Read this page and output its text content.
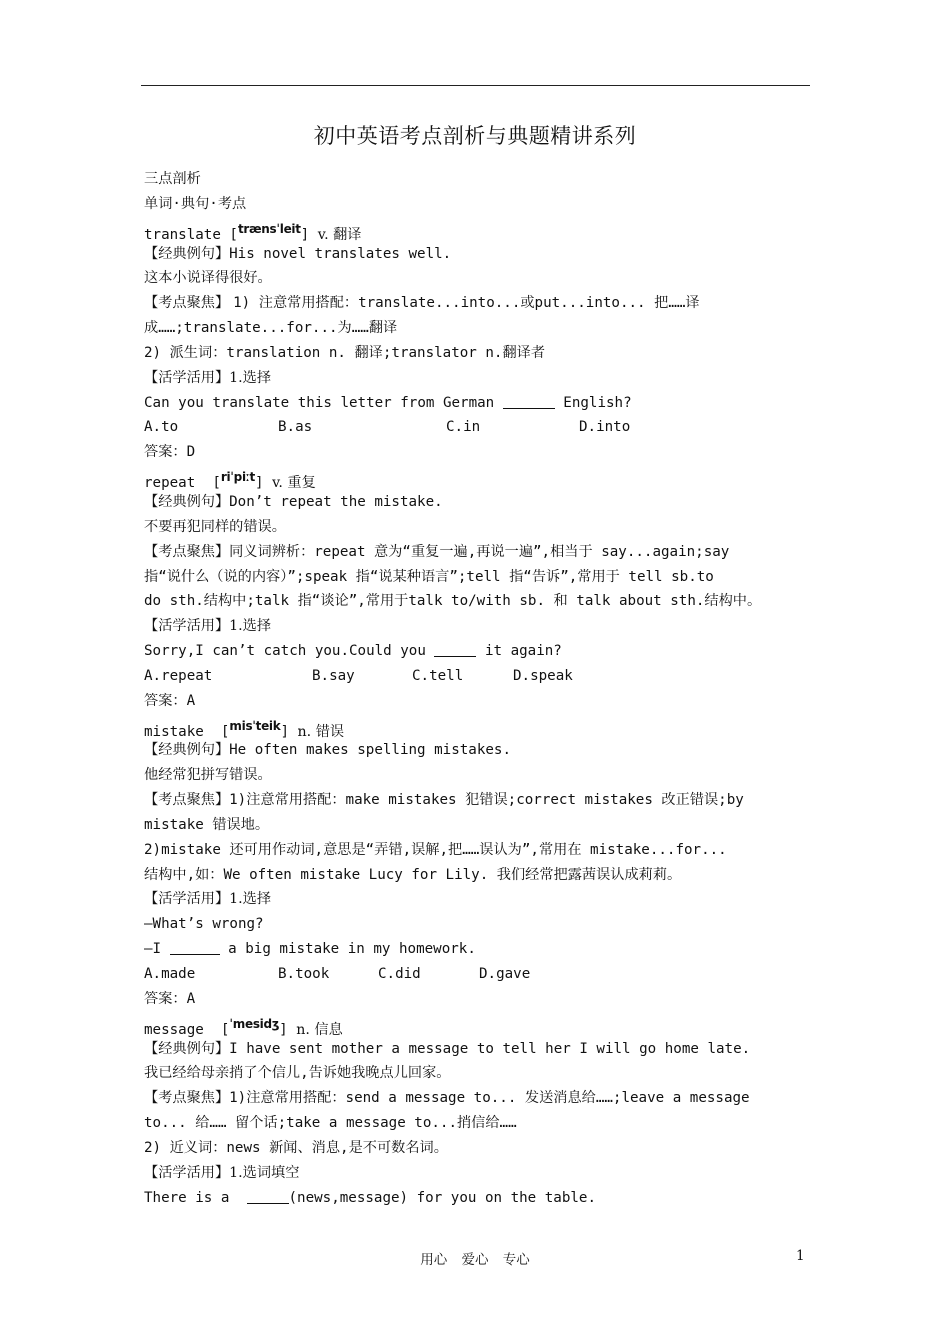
初中英语考点剖析与典题精讲系列
三点剖析
单词·典句·考点
translate [$^{trænsˈleit}$] v. 翻译
【经典例句】His novel translates well.
这本小说译得很好。
【考点聚焦】 1) 注意常用搭配：translate...into...或put...into... 把……译
成……;translate...for...为……翻译
2) 派生词：translation n. 翻译;translator n.翻译者
【活学活用】1.选择
Can you translate this letter from German	English?
A.to	B.as	C.in	D.into
答案：D
repeat  [$^{riˈpiːt}$] v. 重复
【经典例句】Don’t repeat the mistake.
不要再犯同样的错误。
【考点聚焦】同义词辨析：repeat 意为“重复一遍,再说一遍”,相当于 say...again;say
指“说什么（说的内容）”;speak 指“说某种语言”;tell 指“告诉”,常用于 tell sb.to
do sth.结构中;talk 指“谈论”,常用于talk to/with sb. 和 talk about sth.结构中。
【活学活用】1.选择
Sorry,I can’t catch you.Could you	it again?
A.repeat	B.say	C.tell	D.speak
答案：A
mistake  [$^{misˈteik}$] n. 错误
【经典例句】He often makes spelling mistakes.
他经常犯拼写错误。
【考点聚焦】1)注意常用搭配：make mistakes 犯错误;correct mistakes 改正错误;by
mistake 错误地。
2)mistake 还可用作动词,意思是“弄错,误解,把……误认为”,常用在 mistake...for...
结构中,如：We often mistake Lucy for Lily. 我们经常把露茜误认成莉莉。
【活学活用】1.选择
—What’s wrong?
—I	a big mistake in my homework.
A.made	B.took	C.did	D.gave
答案：A
message  [$^{ˈmesidʒ}$] n. 信息
【经典例句】I have sent mother a message to tell her I will go home late.
我已经给母亲捎了个信儿,告诉她我晚点儿回家。
【考点聚焦】1)注意常用搭配：send a message to... 发送消息给……;leave a message
to... 给…… 留个话;take a message to...捎信给……
2) 近义词：news 新闻、消息,是不可数名词。
【活学活用】1.选词填空
There is a	(news,message) for you on the table.
用心 爱心 专心	1
